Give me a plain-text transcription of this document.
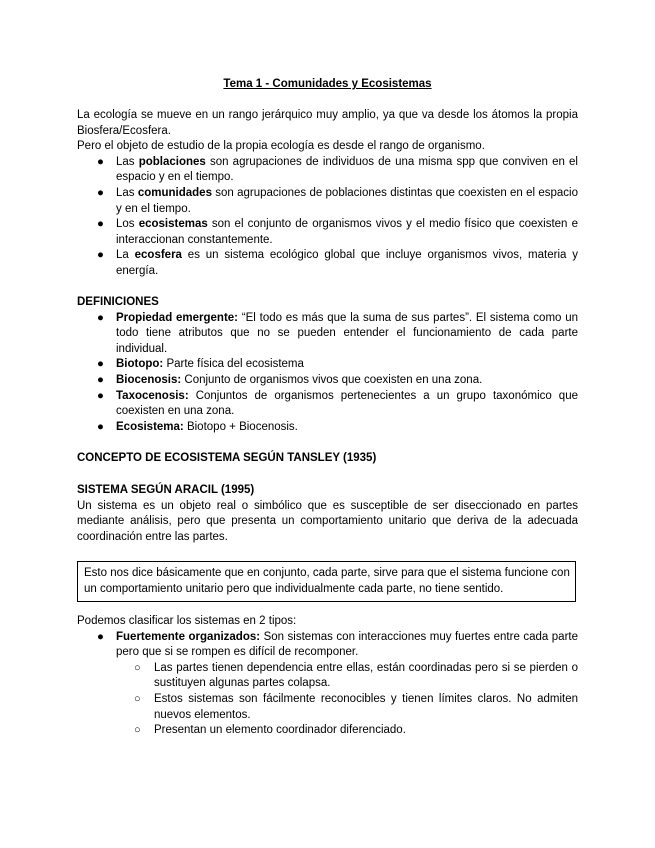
Tema 1 - Comunidades y Ecosistemas

La ecología se mueve en un rango jerárquico muy amplio, ya que va desde los átomos la propia Biosfera/Ecosfera.

Pero el objeto de estudio de la propia ecología es desde el rango de organismo.

● Las poblaciones son agrupaciones de individuos de una misma spp que conviven en el espacio y en el tiempo.
● Las comunidades son agrupaciones de poblaciones distintas que coexisten en el espacio y en el tiempo.
● Los ecosistemas son el conjunto de organismos vivos y el medio físico que coexisten e interaccionan constantemente.
● La ecosfera es un sistema ecológico global que incluye organismos vivos, materia y energía.

DEFINICIONES

● Propiedad emergente: “El todo es más que la suma de sus partes”. El sistema como un todo tiene atributos que no se pueden entender el funcionamiento de cada parte individual.
● Biotopo: Parte física del ecosistema
● Biocenosis: Conjunto de organismos vivos que coexisten en una zona.
● Taxocenosis: Conjuntos de organismos pertenecientes a un grupo taxonómico que coexisten en una zona.
● Ecosistema: Biotopo + Biocenosis.

CONCEPTO DE ECOSISTEMA SEGÚN TANSLEY (1935)

SISTEMA SEGÚN ARACIL (1995)

Un sistema es un objeto real o simbólico que es susceptible de ser diseccionado en partes mediante análisis, pero que presenta un comportamiento unitario que deriva de la adecuada coordinación entre las partes.

Esto nos dice básicamente que en conjunto, cada parte, sirve para que el sistema funcione con un comportamiento unitario pero que individualmente cada parte, no tiene sentido.

Podemos clasificar los sistemas en 2 tipos:

● Fuertemente organizados: Son sistemas con interacciones muy fuertes entre cada parte pero que si se rompen es difícil de recomponer.
○ Las partes tienen dependencia entre ellas, están coordinadas pero si se pierden o sustituyen algunas partes colapsa.
○ Estos sistemas son fácilmente reconocibles y tienen límites claros. No admiten nuevos elementos.
○ Presentan un elemento coordinador diferenciado.
